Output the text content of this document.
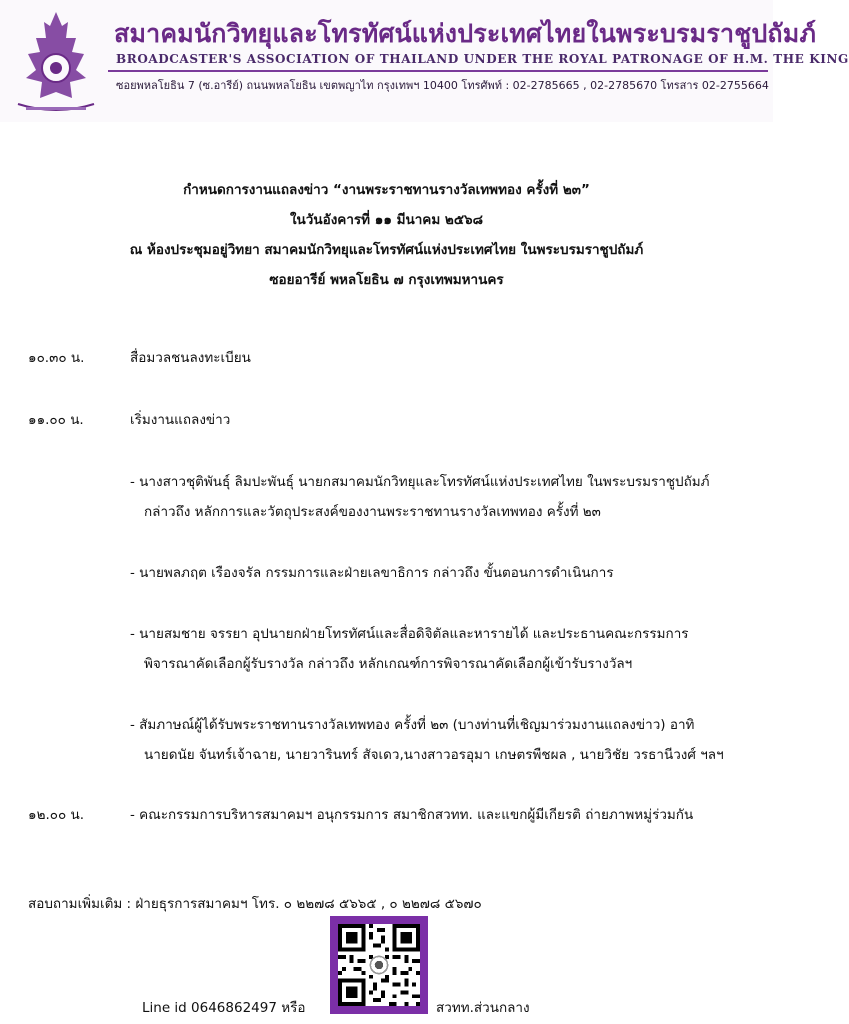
สมาคมนักวิทยุและโทรทัศน์แห่งประเทศไทยในพระบรมราชูปถัมภ์
BROADCASTER'S ASSOCIATION OF THAILAND UNDER THE ROYAL PATRONAGE OF H.M. THE KING
ซอยพหลโยธิน 7 (ซ.อารีย์) ถนนพหลโยธิน เขตพญาไท กรุงเทพฯ 10400 โทรศัพท์ : 02-2785665 , 02-2785670 โทรสาร 02-2755664
กำหนดการงานแถลงข่าว “งานพระราชทานรางวัลเทพทอง ครั้งที่ ๒๓”
ในวันอังคารที่ ๑๑ มีนาคม ๒๕๖๘
ณ ห้องประชุมอยู่วิทยา สมาคมนักวิทยุและโทรทัศน์แห่งประเทศไทย ในพระบรมราชูปถัมภ์
ซอยอารีย์ พหลโยธิน ๗ กรุงเทพมหานคร
๑๐.๓๐ น.	สื่อมวลชนลงทะเบียน
๑๑.๐๐ น.	เริ่มงานแถลงข่าว
- นางสาวชุติพันธุ์ ลิมปะพันธุ์ นายกสมาคมนักวิทยุและโทรทัศน์แห่งประเทศไทย ในพระบรมราชูปถัมภ์
กล่าวถึง หลักการและวัตถุประสงค์ของงานพระราชทานรางวัลเทพทอง ครั้งที่ ๒๓
- นายพลภฤต เรืองจรัล กรรมการและฝ่ายเลขาธิการ กล่าวถึง ขั้นตอนการดำเนินการ
- นายสมชาย จรรยา อุปนายกฝ่ายโทรทัศน์และสื่อดิจิตัลและหารายได้ และประธานคณะกรรมการ
พิจารณาคัดเลือกผู้รับรางวัล กล่าวถึง หลักเกณฑ์การพิจารณาคัดเลือกผู้เข้ารับรางวัลฯ
- สัมภาษณ์ผู้ได้รับพระราชทานรางวัลเทพทอง ครั้งที่ ๒๓ (บางท่านที่เชิญมาร่วมงานแถลงข่าว) อาทิ
นายดนัย จันทร์เจ้าฉาย, นายวารินทร์ สัจเดว,นางสาวอรอุมา เกษตรพืชผล , นายวิชัย วรธานีวงศ์ ฯลฯ
๑๒.๐๐ น.	- คณะกรรมการบริหารสมาคมฯ อนุกรรมการ สมาชิกสวทท. และแขกผู้มีเกียรติ ถ่ายภาพหมู่ร่วมกัน
สอบถามเพิ่มเติม : ฝ่ายธุรการสมาคมฯ โทร. ๐ ๒๒๗๘ ๕๖๖๕ , ๐ ๒๒๗๘ ๕๖๗๐
Line id 0646862497 หรือ	สวทท.ส่วนกลาง
